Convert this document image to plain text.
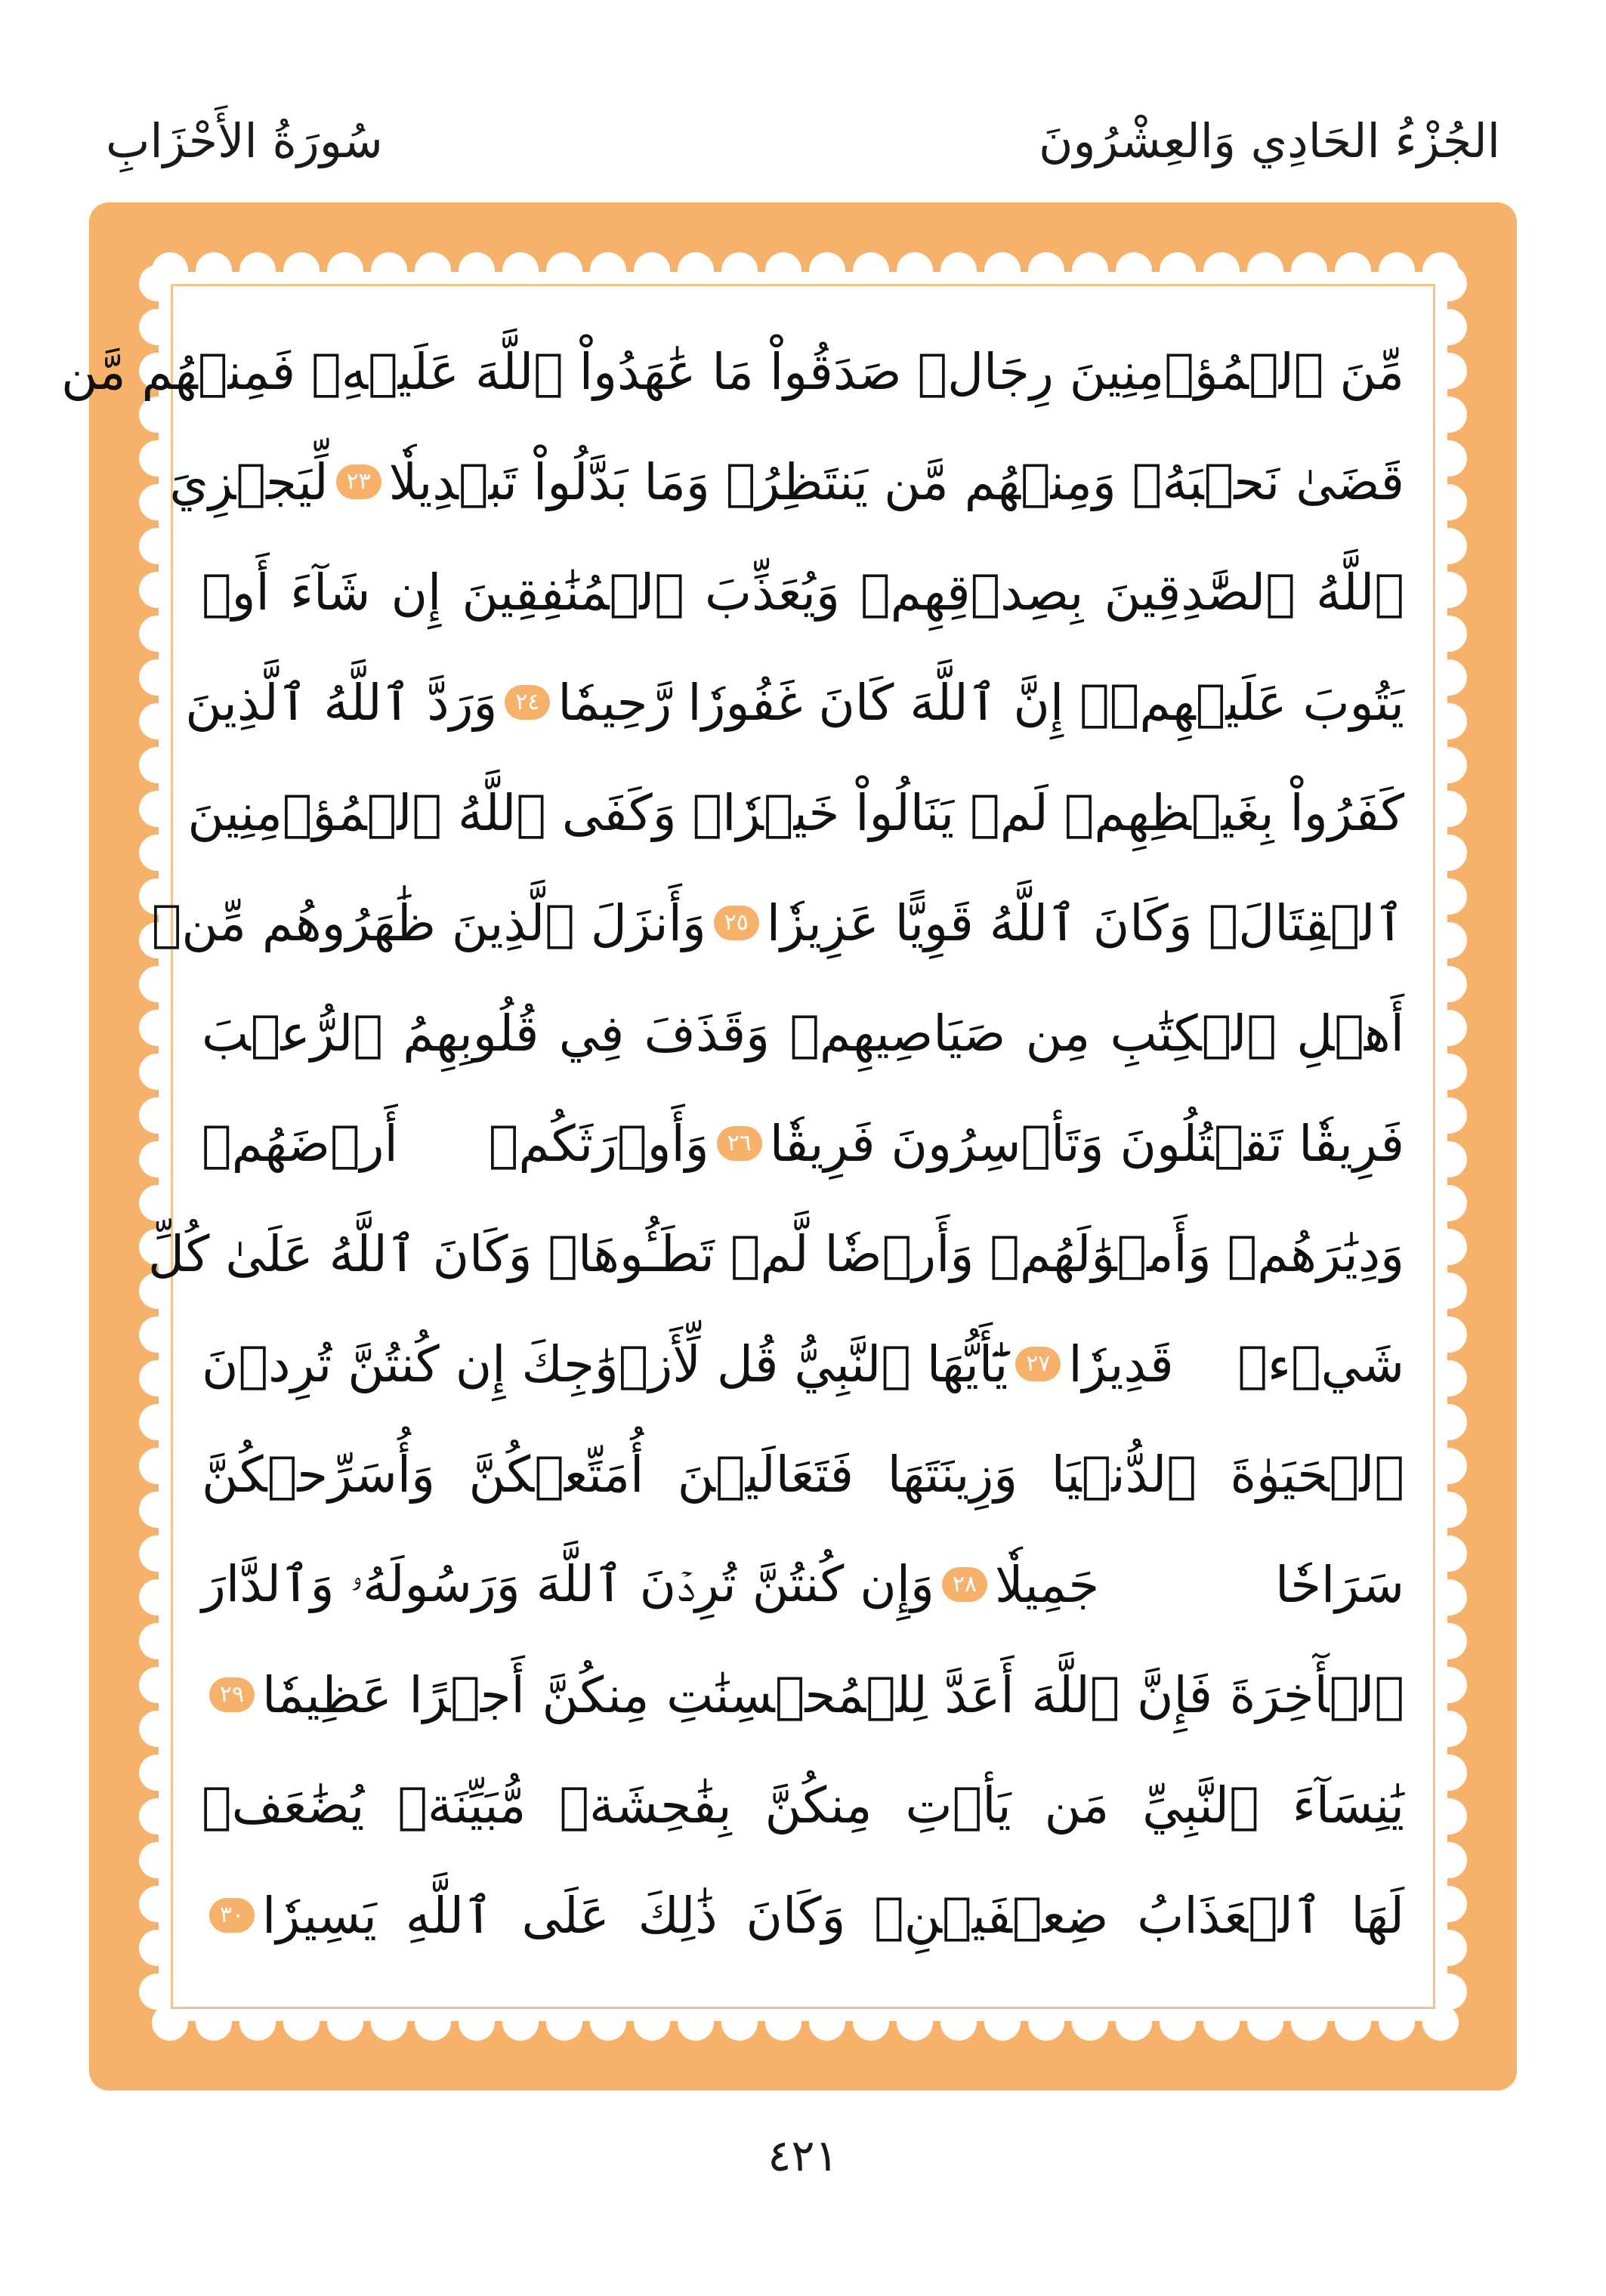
الجُزْءُ الحَادِي وَالعِشْرُونَ
سُورَةُ الأَحْزَابِ
مِّنَ ٱلۡمُؤۡمِنِينَ رِجَالٞ صَدَقُواْ مَا عَٰهَدُواْ ٱللَّهَ عَلَيۡهِۖ فَمِنۡهُم مَّن
قَضَىٰ نَحۡبَهُۥ وَمِنۡهُم مَّن يَنتَظِرُۖ وَمَا بَدَّلُواْ تَبۡدِيلٗا
٢٣
لِّيَجۡزِيَ
ٱللَّهُ ٱلصَّٰدِقِينَ بِصِدۡقِهِمۡ وَيُعَذِّبَ ٱلۡمُنَٰفِقِينَ إِن شَآءَ أَوۡ
يَتُوبَ عَلَيۡهِمۡۚ إِنَّ ٱللَّهَ كَانَ غَفُورٗا رَّحِيمٗا
٢٤
وَرَدَّ ٱللَّهُ ٱلَّذِينَ
كَفَرُواْ بِغَيۡظِهِمۡ لَمۡ يَنَالُواْ خَيۡرٗاۚ وَكَفَى ٱللَّهُ ٱلۡمُؤۡمِنِينَ
ٱلۡقِتَالَۚ وَكَانَ ٱللَّهُ قَوِيًّا عَزِيزٗا
٢٥
وَأَنزَلَ ٱلَّذِينَ ظَٰهَرُوهُم مِّنۡ
أَهۡلِ ٱلۡكِتَٰبِ مِن صَيَاصِيهِمۡ وَقَذَفَ فِي قُلُوبِهِمُ ٱلرُّعۡبَ
فَرِيقٗا تَقۡتُلُونَ وَتَأۡسِرُونَ فَرِيقٗا
٢٦
وَأَوۡرَثَكُمۡ أَرۡضَهُمۡ
وَدِيَٰرَهُمۡ وَأَمۡوَٰلَهُمۡ وَأَرۡضٗا لَّمۡ تَطَـُٔوهَاۚ وَكَانَ ٱللَّهُ عَلَىٰ كُلِّ
شَيۡءٖ قَدِيرٗا
٢٧
يَٰٓأَيُّهَا ٱلنَّبِيُّ قُل لِّأَزۡوَٰجِكَ إِن كُنتُنَّ تُرِدۡنَ
ٱلۡحَيَوٰةَ ٱلدُّنۡيَا وَزِينَتَهَا فَتَعَالَيۡنَ أُمَتِّعۡكُنَّ وَأُسَرِّحۡكُنَّ
سَرَاحٗا جَمِيلٗا
٢٨
وَإِن كُنتُنَّ تُرِدۡنَ ٱللَّهَ وَرَسُولَهُۥ وَٱلدَّارَ
ٱلۡأٓخِرَةَ فَإِنَّ ٱللَّهَ أَعَدَّ لِلۡمُحۡسِنَٰتِ مِنكُنَّ أَجۡرًا عَظِيمٗا
٢٩
يَٰنِسَآءَ ٱلنَّبِيِّ مَن يَأۡتِ مِنكُنَّ بِفَٰحِشَةٖ مُّبَيِّنَةٖ يُضَٰعَفۡ
لَهَا ٱلۡعَذَابُ ضِعۡفَيۡنِۚ وَكَانَ ذَٰلِكَ عَلَى ٱللَّهِ يَسِيرٗا
٣٠
٤٢١
